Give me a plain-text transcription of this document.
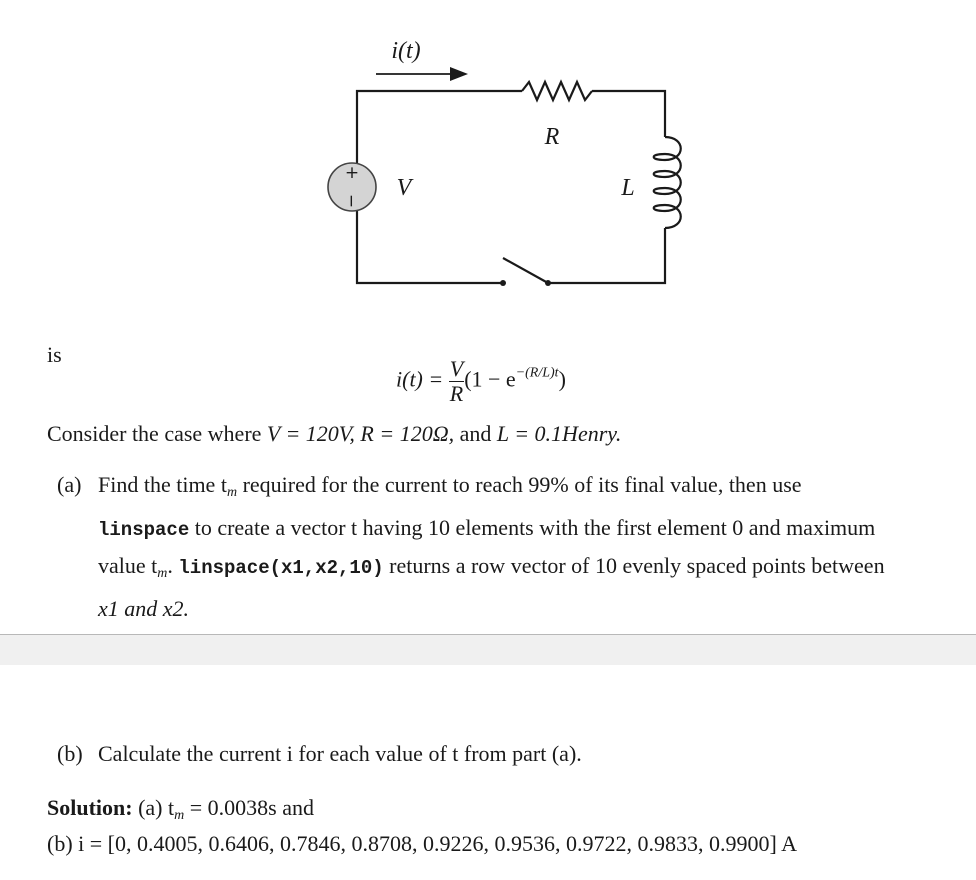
+
−
i(t)
R
V	L
is
$i(t) = \frac{V}{R} (1 - e^{-(R/L)t})$
Consider the case where V = 120V, R = 120Ω, and L = 0.1Henry.
(a) Find the time $t_m$ required for the current to reach 99% of its final value, then use
linspace to create a vector t having 10 elements with the first element 0 and maximum
value $t_m$. linspace(x1,x2,10) returns a row vector of 10 evenly spaced points between
x1 and x2.
(b) Calculate the current i for each value of t from part (a).
Solution: (a) $t_m = 0.0038s$ and
(b) i = [0, 0.4005, 0.6406, 0.7846, 0.8708, 0.9226, 0.9536, 0.9722, 0.9833, 0.9900] A
